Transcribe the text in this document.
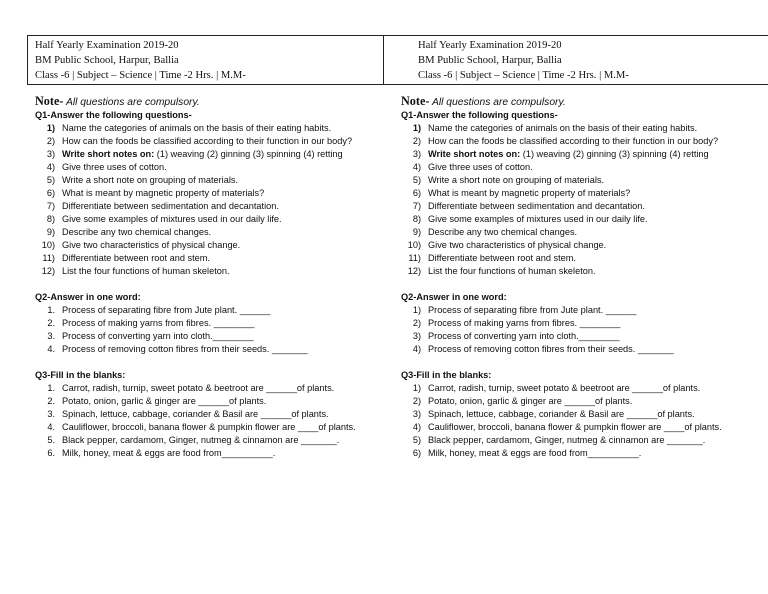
Half Yearly Examination 2019-20
BM Public School, Harpur, Ballia
Class -6 | Subject – Science | Time -2 Hrs. | M.M-
Half Yearly Examination 2019-20
BM Public School, Harpur, Ballia
Class -6 | Subject – Science | Time -2 Hrs. | M.M-
Note- All questions are compulsory.
Q1-Answer the following questions-
1) Name the categories of animals on the basis of their eating habits.
2) How can the foods be classified according to their function in our body?
3) Write short notes on: (1) weaving (2) ginning (3) spinning (4) retting
4) Give three uses of cotton.
5) Write a short note on grouping of materials.
6) What is meant by magnetic property of materials?
7) Differentiate between sedimentation and decantation.
8) Give some examples of mixtures used in our daily life.
9) Describe any two chemical changes.
10) Give two characteristics of physical change.
11) Differentiate between root and stem.
12) List the four functions of human skeleton.
Q2-Answer in one word:
1. Process of separating fibre from Jute plant. ______
2. Process of making yarns from fibres. ________
3. Process of converting yarn into cloth.________
4. Process of removing cotton fibres from their seeds. _______
Q3-Fill in the blanks:
1. Carrot, radish, turnip, sweet potato & beetroot are ______of plants.
2. Potato, onion, garlic & ginger are ______of plants.
3. Spinach, lettuce, cabbage, coriander & Basil are ______of plants.
4. Cauliflower, broccoli, banana flower & pumpkin flower are ____of plants.
5. Black pepper, cardamom, Ginger, nutmeg & cinnamon are _______.
6. Milk, honey, meat & eggs are food from__________.
Note- All questions are compulsory.
Q1-Answer the following questions-
1) Name the categories of animals on the basis of their eating habits.
2) How can the foods be classified according to their function in our body?
3) Write short notes on: (1) weaving (2) ginning (3) spinning (4) retting
4) Give three uses of cotton.
5) Write a short note on grouping of materials.
6) What is meant by magnetic property of materials?
7) Differentiate between sedimentation and decantation.
8) Give some examples of mixtures used in our daily life.
9) Describe any two chemical changes.
10) Give two characteristics of physical change.
11) Differentiate between root and stem.
12) List the four functions of human skeleton.
Q2-Answer in one word:
1) Process of separating fibre from Jute plant. ______
2) Process of making yarns from fibres. ________
3) Process of converting yarn into cloth.________
4) Process of removing cotton fibres from their seeds. _______
Q3-Fill in the blanks:
1) Carrot, radish, turnip, sweet potato & beetroot are ______of plants.
2) Potato, onion, garlic & ginger are ______of plants.
3) Spinach, lettuce, cabbage, coriander & Basil are ______of plants.
4) Cauliflower, broccoli, banana flower & pumpkin flower are ____of plants.
5) Black pepper, cardamom, Ginger, nutmeg & cinnamon are _______.
6) Milk, honey, meat & eggs are food from__________.
